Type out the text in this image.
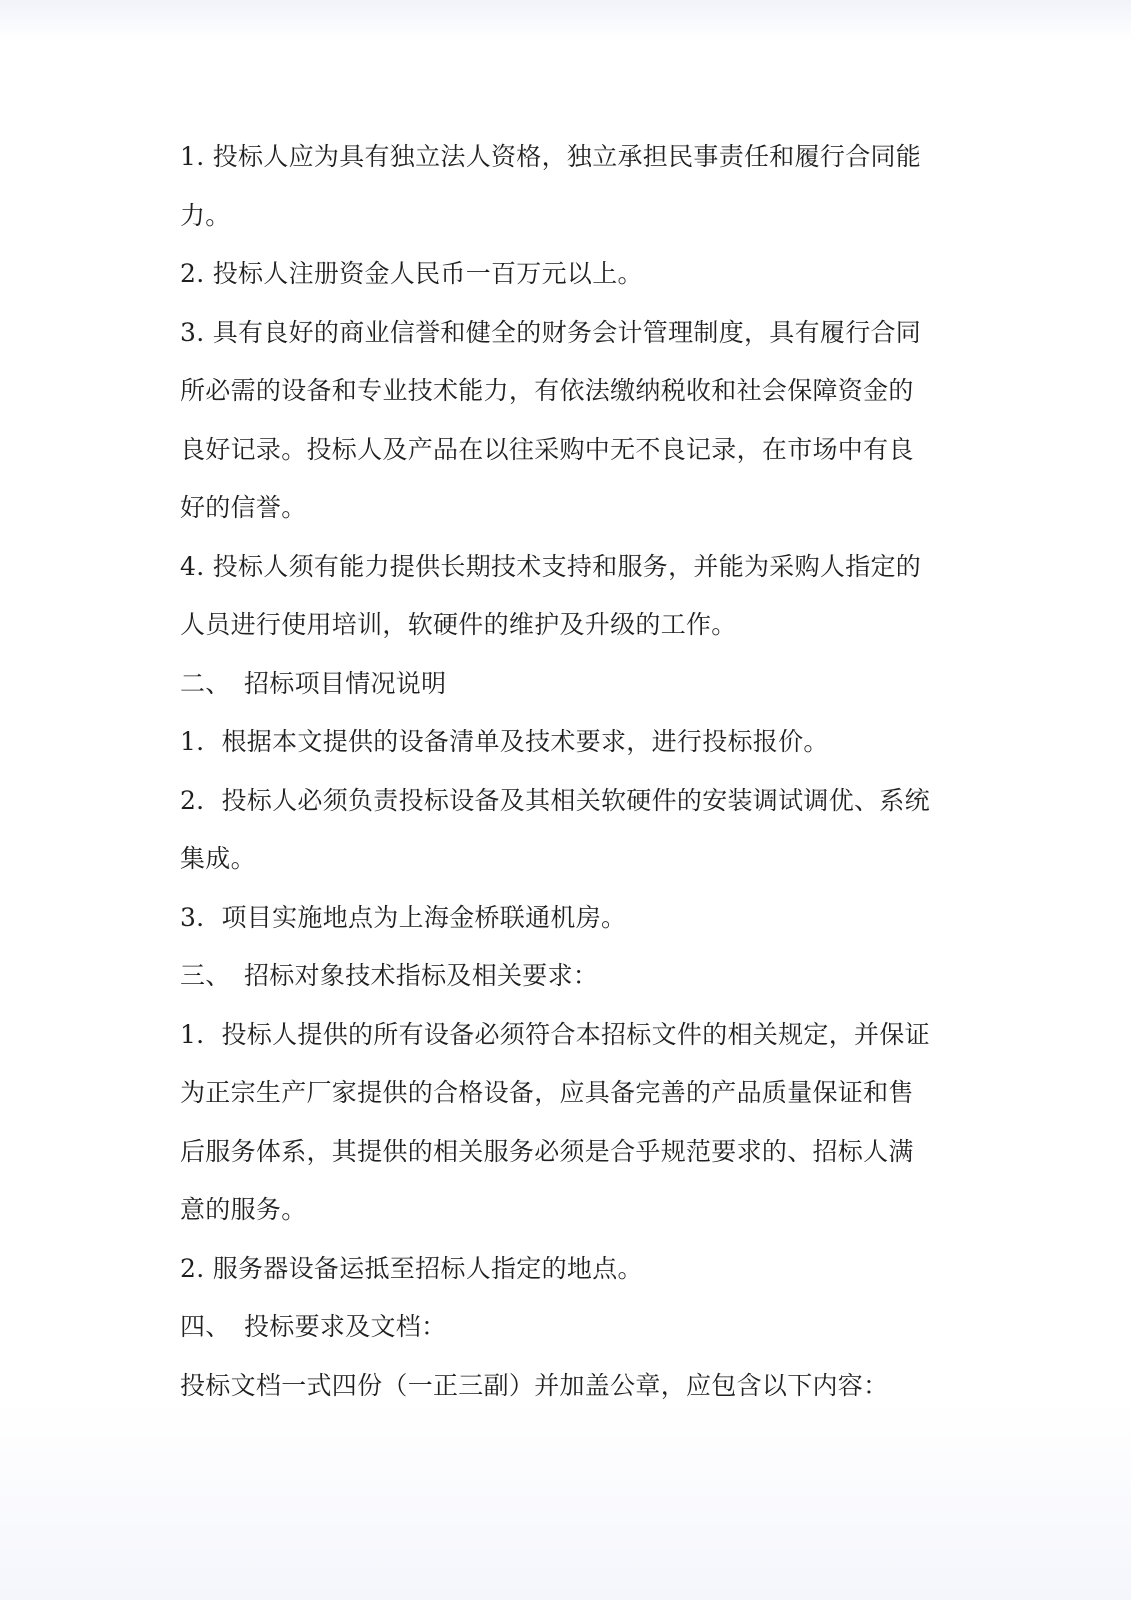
1. 投标人应为具有独立法人资格，独立承担民事责任和履行合同能
力。
2. 投标人注册资金人民币一百万元以上。
3. 具有良好的商业信誉和健全的财务会计管理制度，具有履行合同
所必需的设备和专业技术能力，有依法缴纳税收和社会保障资金的
良好记录。投标人及产品在以往采购中无不良记录，在市场中有良
好的信誉。
4. 投标人须有能力提供长期技术支持和服务，并能为采购人指定的
人员进行使用培训，软硬件的维护及升级的工作。
二、 招标项目情况说明
1．根据本文提供的设备清单及技术要求，进行投标报价。
2．投标人必须负责投标设备及其相关软硬件的安装调试调优、系统
集成。
3．项目实施地点为上海金桥联通机房。
三、 招标对象技术指标及相关要求：
1．投标人提供的所有设备必须符合本招标文件的相关规定，并保证
为正宗生产厂家提供的合格设备，应具备完善的产品质量保证和售
后服务体系，其提供的相关服务必须是合乎规范要求的、招标人满
意的服务。
2. 服务器设备运抵至招标人指定的地点。
四、 投标要求及文档：
投标文档一式四份（一正三副）并加盖公章，应包含以下内容：
